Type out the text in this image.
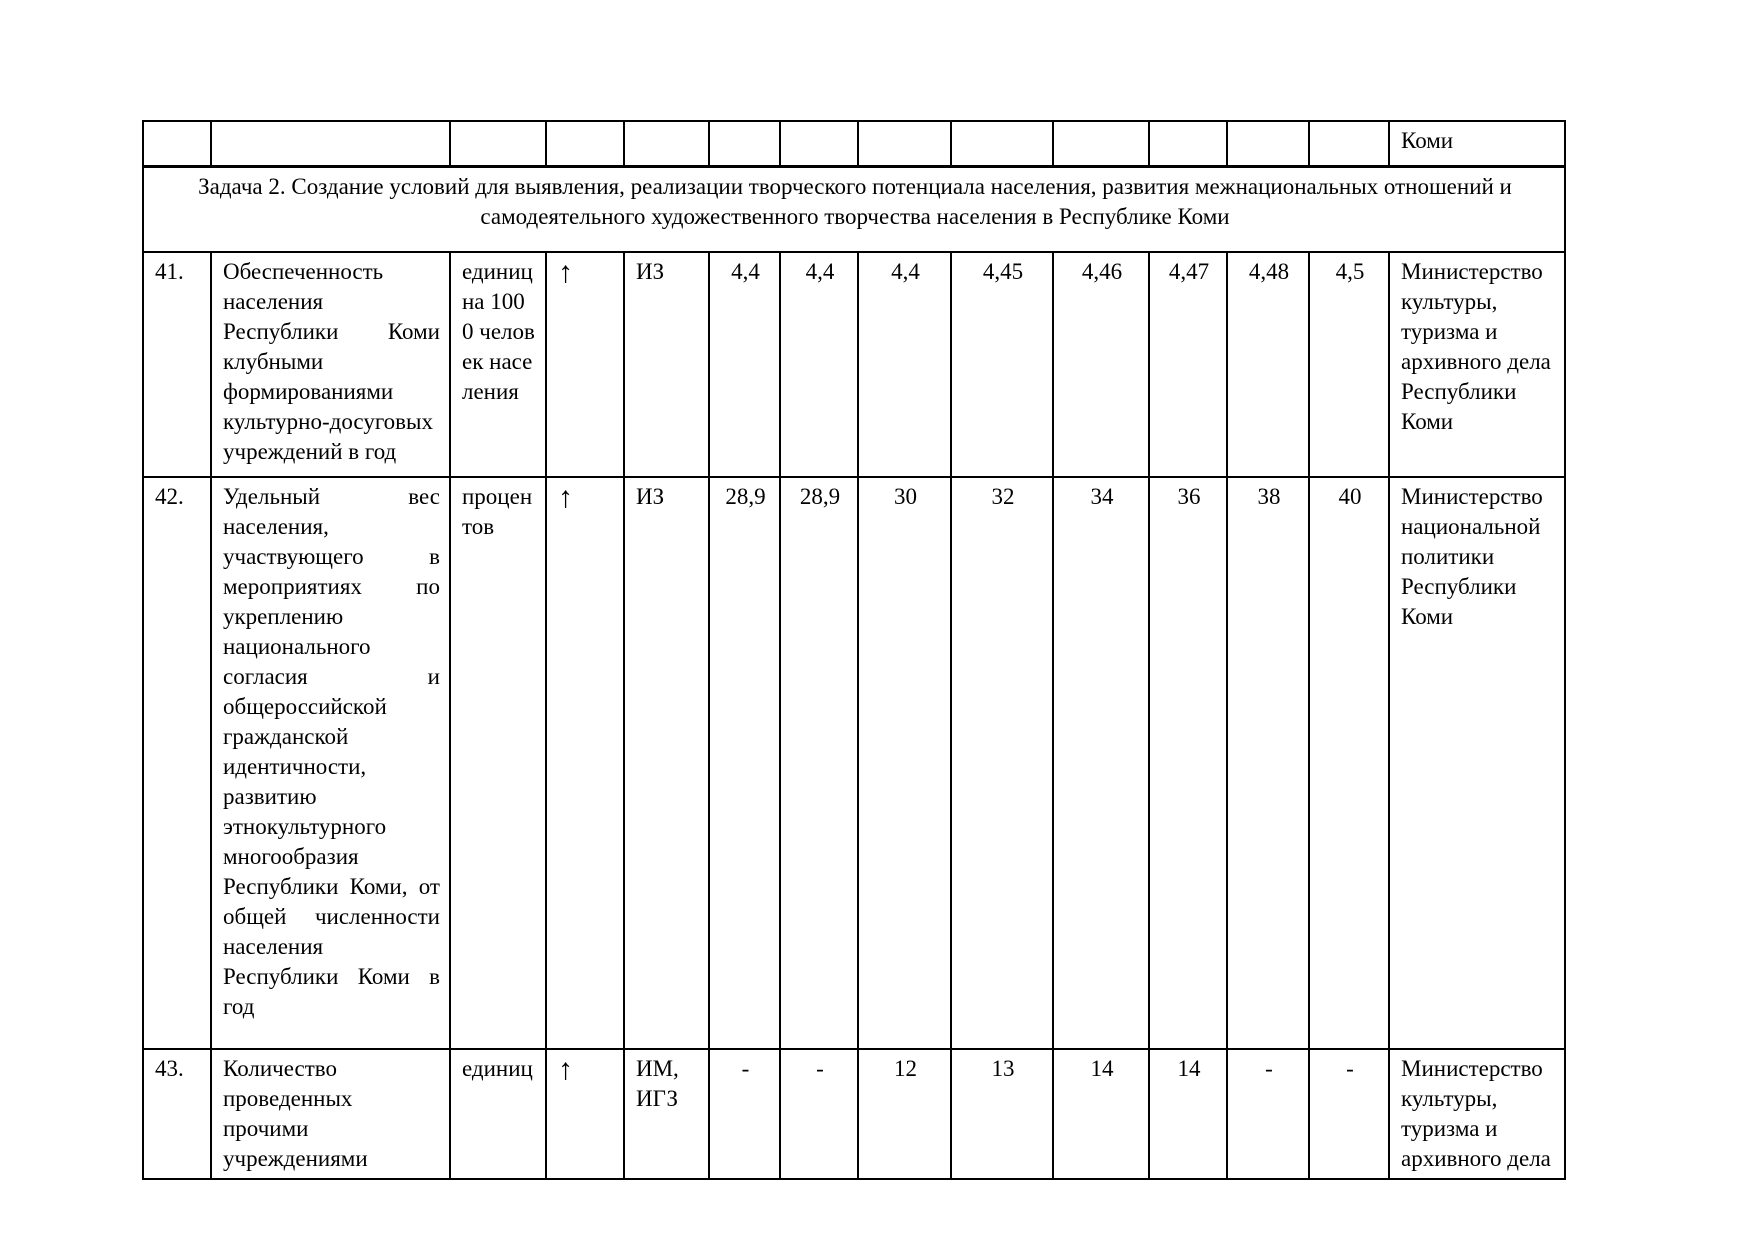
													Коми
Задача 2. Создание условий для выявления, реализации творческого потенциала населения, развития межнациональных отношений и самодеятельного художественного творчества населения в Республике Коми													
41.	Обеспеченность населения Республики Коми клубными формированиями культурно-досуговых учреждений в год	единиц на 1000 человек населения	↑	ИЗ	4,4	4,4	4,4	4,45	4,46	4,47	4,48	4,5	Министерство культуры, туризма и архивного дела Республики Коми
42.	Удельный вес населения, участвующего в мероприятиях по укреплению национального согласия и общероссийской гражданской идентичности, развитию этнокультурного многообразия Республики Коми, от общей численности населения Республики Коми в год	процентов	↑	ИЗ	28,9	28,9	30	32	34	36	38	40	Министерство национальной политики Республики Коми
43.	Количество проведенных прочими учреждениями	единиц	↑	ИМ, ИГЗ	-	-	12	13	14	14	-	-	Министерство культуры, туризма и архивного дела
